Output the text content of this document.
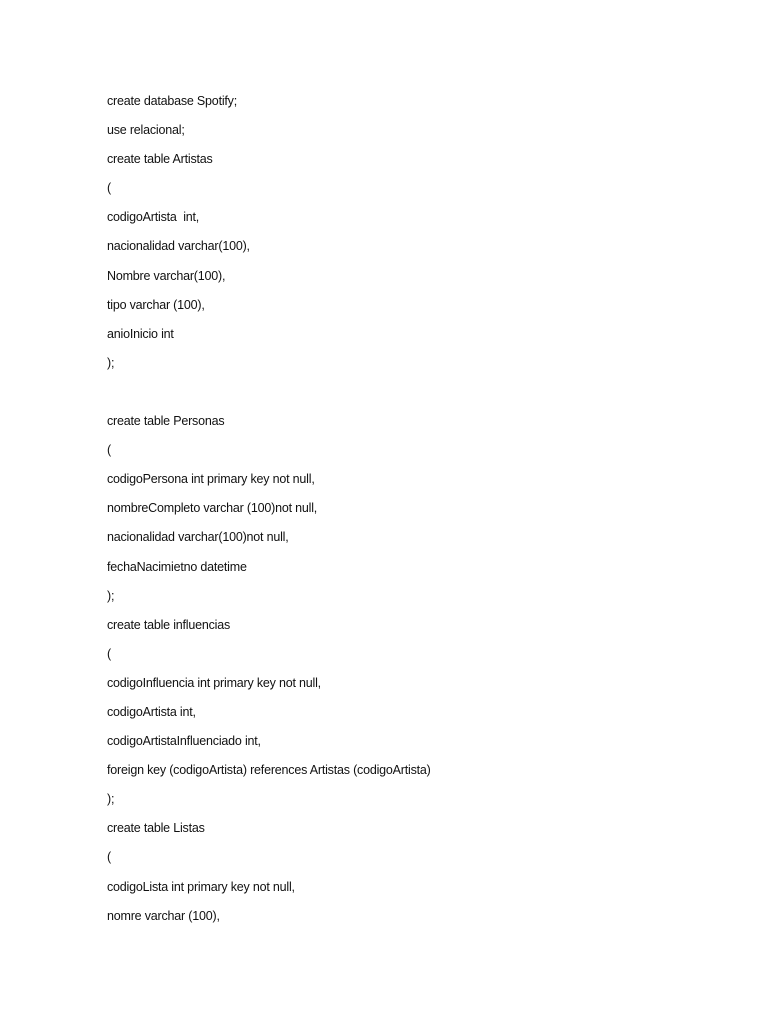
create database Spotify;
use relacional;
create table Artistas
(
codigoArtista  int,
nacionalidad varchar(100),
Nombre varchar(100),
tipo varchar (100),
anioInicio int
);
create table Personas
(
codigoPersona int primary key not null,
nombreCompleto varchar (100)not null,
nacionalidad varchar(100)not null,
fechaNacimietno datetime
);
create table influencias
(
codigoInfluencia int primary key not null,
codigoArtista int,
codigoArtistaInfluenciado int,
foreign key (codigoArtista) references Artistas (codigoArtista)
);
create table Listas
(
codigoLista int primary key not null,
nomre varchar (100),
